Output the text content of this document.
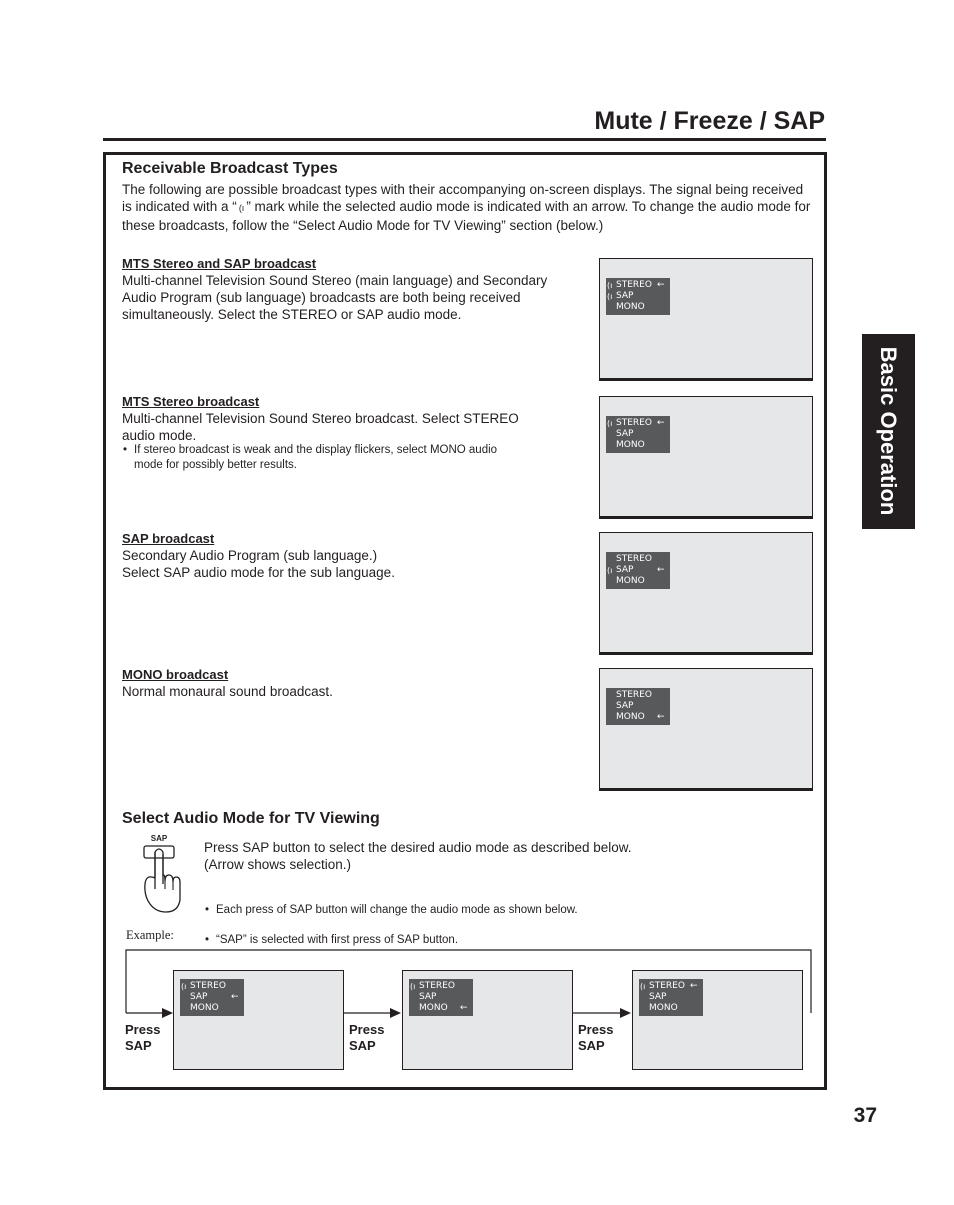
Mute / Freeze / SAP
Basic Operation
Receivable Broadcast Types
The following are possible broadcast types with their accompanying on-screen displays. The signal being received is indicated with a “ (ı ” mark while the selected audio mode is indicated with an arrow. To change the audio mode for these broadcasts, follow the “Select Audio Mode for TV Viewing” section (below.)
MTS Stereo and SAP broadcast
Multi-channel Television Sound Stereo (main language) and Secondary
Audio Program (sub language) broadcasts are both being received
simultaneously. Select the STEREO or SAP audio mode.
(ı STEREO ←
(ı SAP
MONO
MTS Stereo broadcast
Multi-channel Television Sound Stereo broadcast. Select STEREO
audio mode.
• If stereo broadcast is weak and the display flickers, select MONO audio
mode for possibly better results.
(ı STEREO ←
SAP
MONO
SAP broadcast
Secondary Audio Program (sub language.)
Select SAP audio mode for the sub language.
STEREO
(ı SAP	←
MONO
MONO broadcast
Normal monaural sound broadcast.	STEREO
SAP
MONO ←
Select Audio Mode for TV Viewing
SAP
Press SAP button to select the desired audio mode as described below.
(Arrow shows selection.)
• Each press of SAP button will change the audio mode as shown below.
• “SAP” is selected with first press of SAP button.
Example:
Press
SAP
Press
SAP
Press
SAP
(ı STEREO
SAP	←
MONO
(ı STEREO
SAP
MONO ←
(ı STEREO ←
SAP
MONO
37
